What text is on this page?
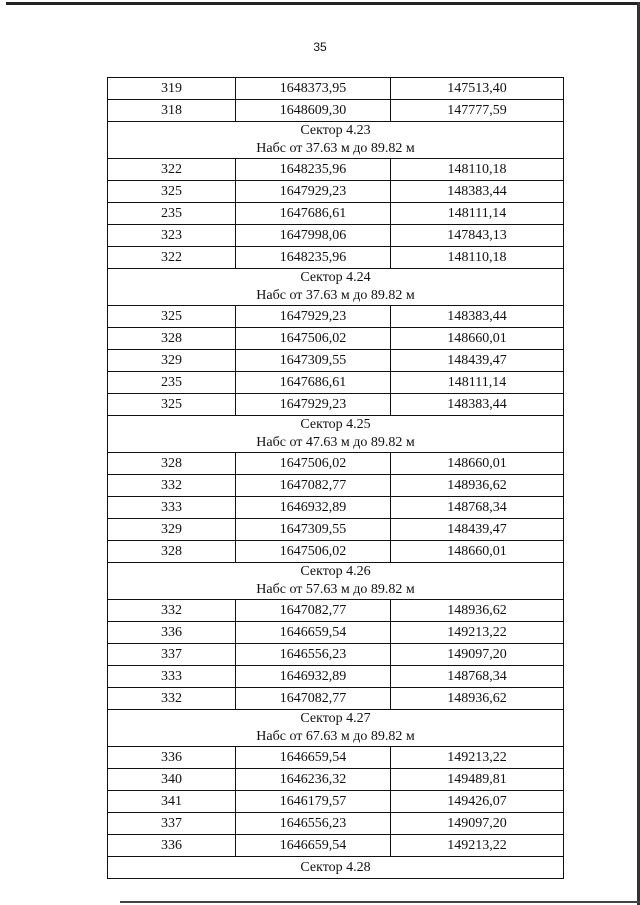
35
319	1648373,95	147513,40
318	1648609,30	147777,59

Сектор 4.23
Набс от 37.63 м до 89.82 м		

322	1648235,96	148110,18
325	1647929,23	148383,44
235	1647686,61	148111,14
323	1647998,06	147843,13
322	1648235,96	148110,18

Сектор 4.24
Набс от 37.63 м до 89.82 м		

325	1647929,23	148383,44
328	1647506,02	148660,01
329	1647309,55	148439,47
235	1647686,61	148111,14
325	1647929,23	148383,44

Сектор 4.25
Набс от 47.63 м до 89.82 м		

328	1647506,02	148660,01
332	1647082,77	148936,62
333	1646932,89	148768,34
329	1647309,55	148439,47
328	1647506,02	148660,01

Сектор 4.26
Набс от 57.63 м до 89.82 м		

332	1647082,77	148936,62
336	1646659,54	149213,22
337	1646556,23	149097,20
333	1646932,89	148768,34
332	1647082,77	148936,62

Сектор 4.27
Набс от 67.63 м до 89.82 м		

336	1646659,54	149213,22
340	1646236,32	149489,81
341	1646179,57	149426,07
337	1646556,23	149097,20
336	1646659,54	149213,22

Сектор 4.28		
